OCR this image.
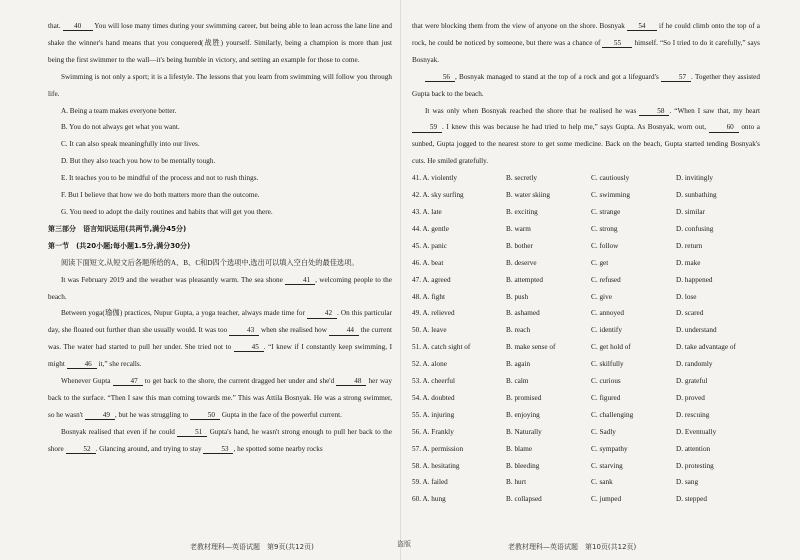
that. 40 You will lose many times during your swimming career, but being able to lean across the lane line and shake the winner's hand means that you conquered(战胜) yourself. Similarly, being a champion is more than just being the first swimmer to the wall—it's being humble in victory, and setting an example for those to come.

Swimming is not only a sport; it is a lifestyle. The lessons that you learn from swimming will follow you through life.

A. Being a team makes everyone better.

B. You do not always get what you want.

C. It can also speak meaningfully into our lives.

D. But they also teach you how to be mentally tough.

E. It teaches you to be mindful of the process and not to rush things.

F. But I believe that how we do both matters more than the outcome.

G. You need to adopt the daily routines and habits that will get you there.

第三部分　语言知识运用(共两节,满分45分)

第一节　(共20小题;每小题1.5分,满分30分)

阅读下面短文,从短文后各题所给的A、B、C和D四个选项中,选出可以填入空白处的最佳选项。

It was February 2019 and the weather was pleasantly warm. The sea shone 41 , welcoming people to the beach.

Between yoga(瑜伽) practices, Nupur Gupta, a yoga teacher, always made time for 42 . On this particular day, she floated out further than she usually would. It was too 43 when she realised how 44 the current was. The water had started to pull her under. She tried not to 45 . “I knew if I constantly keep swimming, I might 46 it,” she recalls.

Whenever Gupta 47 to get back to the shore, the current dragged her under and she'd 48 her way back to the surface. “Then I saw this man coming towards me.” This was Attila Bosnyak. He was a strong swimmer, so he wasn't 49 , but he was struggling to 50 Gupta in the face of the powerful current.

Bosnyak realised that even if he could 51 Gupta's hand, he wasn't strong enough to pull her back to the shore 52 . Glancing around, and trying to stay 53 , he spotted some nearby rocks

that were blocking them from the view of anyone on the shore. Bosnyak 54 if he could climb onto the top of a rock, he could be noticed by someone, but there was a chance of 55 himself. “So I tried to do it carefully,” says Bosnyak.

56 , Bosnyak managed to stand at the top of a rock and got a lifeguard's 57 . Together they assisted Gupta back to the beach.

It was only when Bosnyak reached the shore that he realised he was 58 . “When I saw that, my heart 59 . I knew this was because he had tried to help me,” says Gupta. As Bosnyak, worn out, 60 onto a sunbed, Gupta jogged to the nearest store to get some medicine. Back on the beach, Gupta started tending Bosnyak's cuts. He smiled gratefully.

41. A. violently	B. secretly	C. cautiously	D. invitingly
42. A. sky surfing	B. water skiing	C. swimming	D. sunbathing
43. A. late	B. exciting	C. strange	D. similar
44. A. gentle	B. warm	C. strong	D. confusing
45. A. panic	B. bother	C. follow	D. return
46. A. beat	B. deserve	C. get	D. make
47. A. agreed	B. attempted	C. refused	D. happened
48. A. fight	B. push	C. give	D. lose
49. A. relieved	B. ashamed	C. annoyed	D. scared
50. A. leave	B. reach	C. identify	D. understand
51. A. catch sight of	B. make sense of	C. get hold of	D. take advantage of
52. A. alone	B. again	C. skilfully	D. randomly
53. A. cheerful	B. calm	C. curious	D. grateful
54. A. doubted	B. promised	C. figured	D. proved
55. A. injuring	B. enjoying	C. challenging	D. rescuing
56. A. Frankly	B. Naturally	C. Sadly	D. Eventually
57. A. permission	B. blame	C. sympathy	D. attention
58. A. hesitating	B. bleeding	C. starving	D. protesting
59. A. failed	B. hurt	C. sank	D. sang
60. A. hung	B. collapsed	C. jumped	D. stepped
老教材理科—英语试题　第9页(共12页)	盗版	老教材理科—英语试题　第10页(共12页)
